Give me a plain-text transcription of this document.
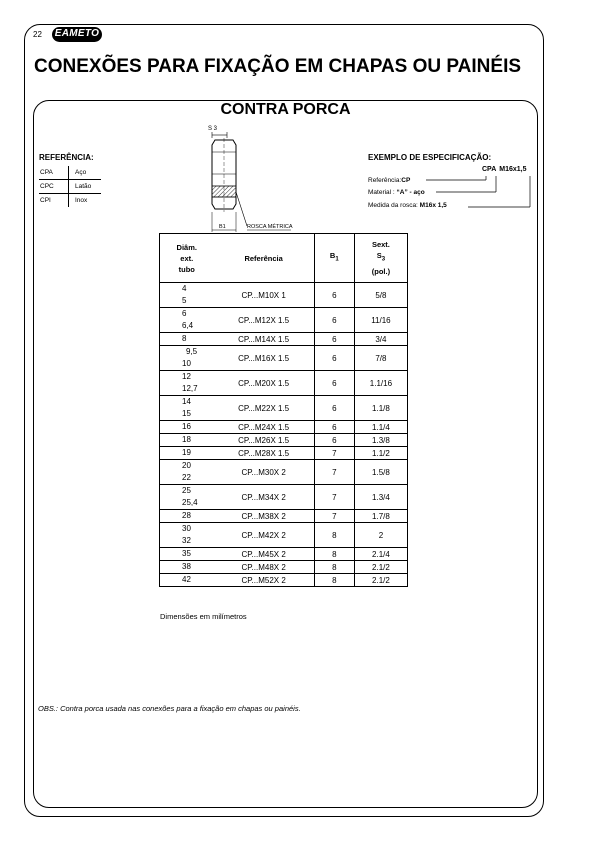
22 EAMETO
CONEXÕES PARA FIXAÇÃO EM CHAPAS OU PAINÉIS
CONTRA PORCA
REFERÊNCIA:
CPA	Aço
CPC	Latão
CPI	Inox
S 3
ROSCA MÉTRICA
B1
EXEMPLO DE ESPECIFICAÇÃO:
CPA M16x1,5
Referência:CP
Material : “A” - aço
Medida da rosca: M16x 1,5
Diâm.
ext.
tubo	Referência	$B_1$	Sext.
$S_3$
(pol.)

4
5	CP...M10X 1	6	5/8

6
6,4	CP...M12X 1.5	6	11/16

8	CP...M14X 1.5	6	3/4

9,5
10	CP...M16X 1.5	6	7/8

12
12,7	CP...M20X 1.5	6	1.1/16

14
15	CP...M22X 1.5	6	1.1/8

16	CP...M24X 1.5	6	1.1/4

18	CP...M26X 1.5	6	1.3/8

19	CP...M28X 1.5	7	1.1/2

20
22	CP...M30X 2	7	1.5/8

25
25,4	CP...M34X 2	7	1.3/4

28	CP...M38X 2	7	1.7/8

30
32	CP...M42X 2	8	2

35	CP...M45X 2	8	2.1/4

38	CP...M48X 2	8	2.1/2

42	CP...M52X 2	8	2.1/2
Dimensões em milímetros
OBS.: Contra porca usada nas conexões para a fixação em chapas ou painéis.
